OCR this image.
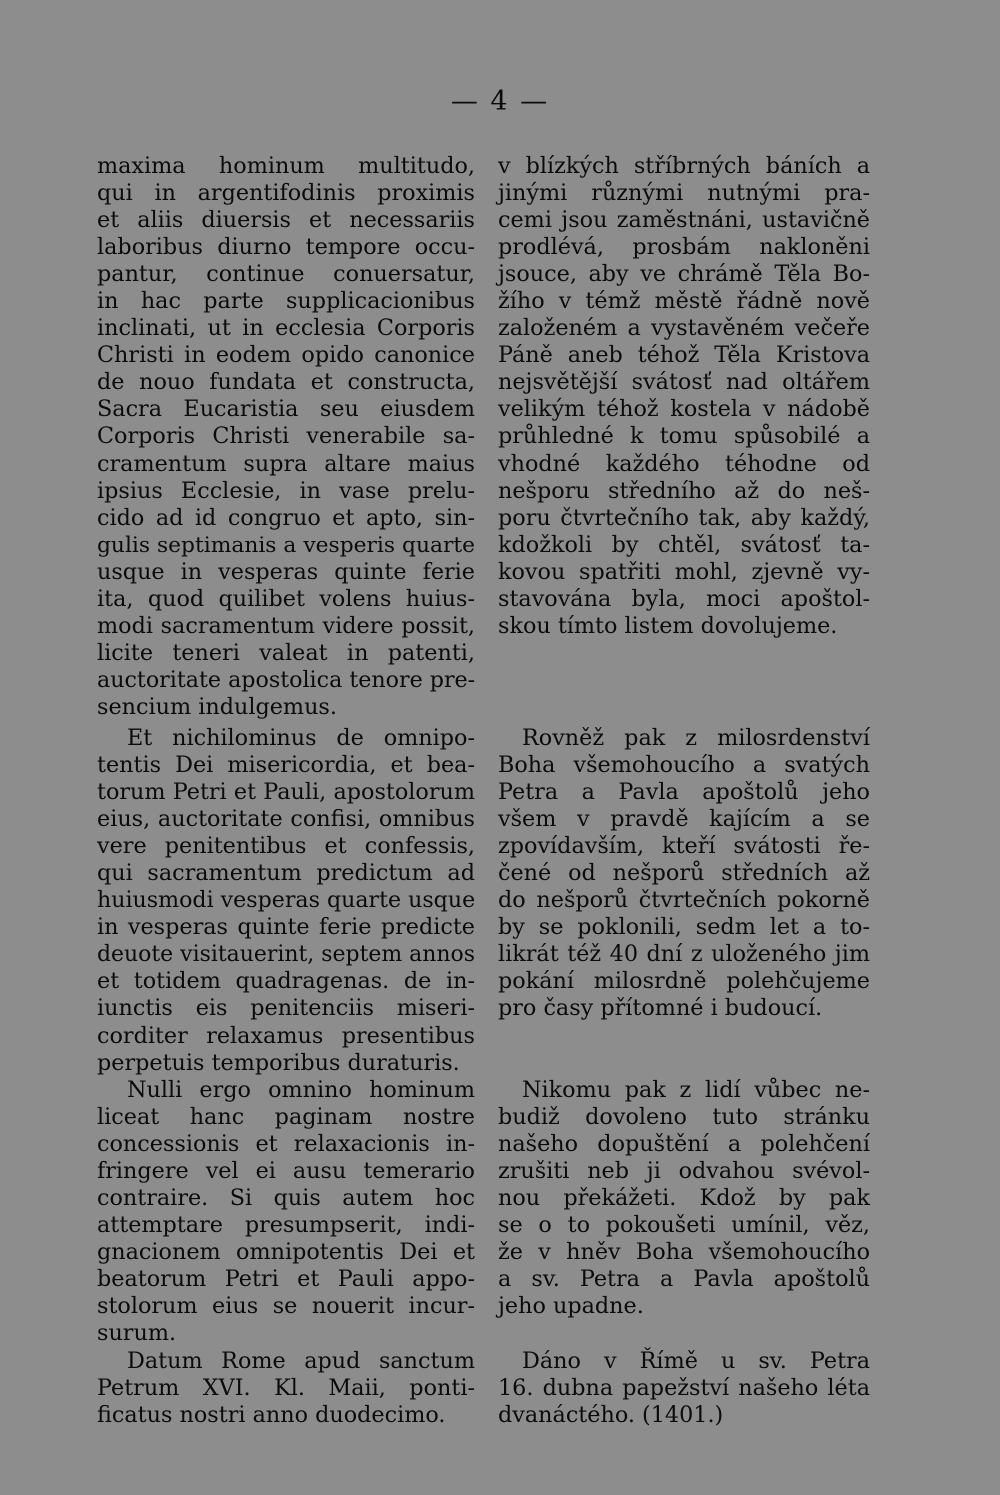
— 4 —
maxima hominum multitudo,
qui in argentifodinis proximis
et aliis diuersis et necessariis
laboribus diurno tempore occu-
pantur, continue conuersatur,
in hac parte supplicacionibus
inclinati, ut in ecclesia Corporis
Christi in eodem opido canonice
de nouo fundata et constructa,
Sacra Eucaristia seu eiusdem
Corporis Christi venerabile sa-
cramentum supra altare maius
ipsius Ecclesie, in vase prelu-
cido ad id congruo et apto, sin-
gulis septimanis a vesperis quarte
usque in vesperas quinte ferie
ita, quod quilibet volens huius-
modi sacramentum videre possit,
licite teneri valeat in patenti,
auctoritate apostolica tenore pre-
sencium indulgemus.
Et nichilominus de omnipo-
tentis Dei misericordia, et bea-
torum Petri et Pauli, apostolorum
eius, auctoritate confisi, omnibus
vere penitentibus et confessis,
qui sacramentum predictum ad
huiusmodi vesperas quarte usque
in vesperas quinte ferie predicte
deuote visitauerint, septem annos
et totidem quadragenas. de in-
iunctis eis penitenciis miseri-
corditer relaxamus presentibus
perpetuis temporibus duraturis.
Nulli ergo omnino hominum
liceat hanc paginam nostre
concessionis et relaxacionis in-
fringere vel ei ausu temerario
contraire. Si quis autem hoc
attemptare presumpserit, indi-
gnacionem omnipotentis Dei et
beatorum Petri et Pauli appo-
stolorum eius se nouerit incur-
surum.
Datum Rome apud sanctum
Petrum XVI. Kl. Maii, ponti-
ficatus nostri anno duodecimo.
v blízkých stříbrných báních a
jinými různými nutnými pra-
cemi jsou zaměstnáni, ustavičně
prodlévá, prosbám nakloněni
jsouce, aby ve chrámě Těla Bo-
žího v témž městě řádně nově
založeném a vystavěném večeře
Páně aneb téhož Těla Kristova
nejsvětější svátosť nad oltářem
velikým téhož kostela v nádobě
průhledné k tomu spůsobilé a
vhodné každého téhodne od
nešporu středního až do neš-
poru čtvrtečního tak, aby každý,
kdožkoli by chtěl, svátosť ta-
kovou spatřiti mohl, zjevně vy-
stavována byla, moci apoštol-
skou tímto listem dovolujeme.
Rovněž pak z milosrdenství
Boha všemohoucího a svatých
Petra a Pavla apoštolů jeho
všem v pravdě kajícím a se
zpovídavším, kteří svátosti ře-
čené od nešporů středních až
do nešporů čtvrtečních pokorně
by se poklonili, sedm let a to-
likrát též 40 dní z uloženého jim
pokání milosrdně polehčujeme
pro časy přítomné i budoucí.
Nikomu pak z lidí vůbec ne-
budiž dovoleno tuto stránku
našeho dopuštění a polehčení
zrušiti neb ji odvahou svévol-
nou překážeti. Kdož by pak
se o to pokoušeti umínil, věz,
že v hněv Boha všemohoucího
a sv. Petra a Pavla apoštolů
jeho upadne.
Dáno v Římě u sv. Petra
16. dubna papežství našeho léta
dvanáctého. (1401.)
